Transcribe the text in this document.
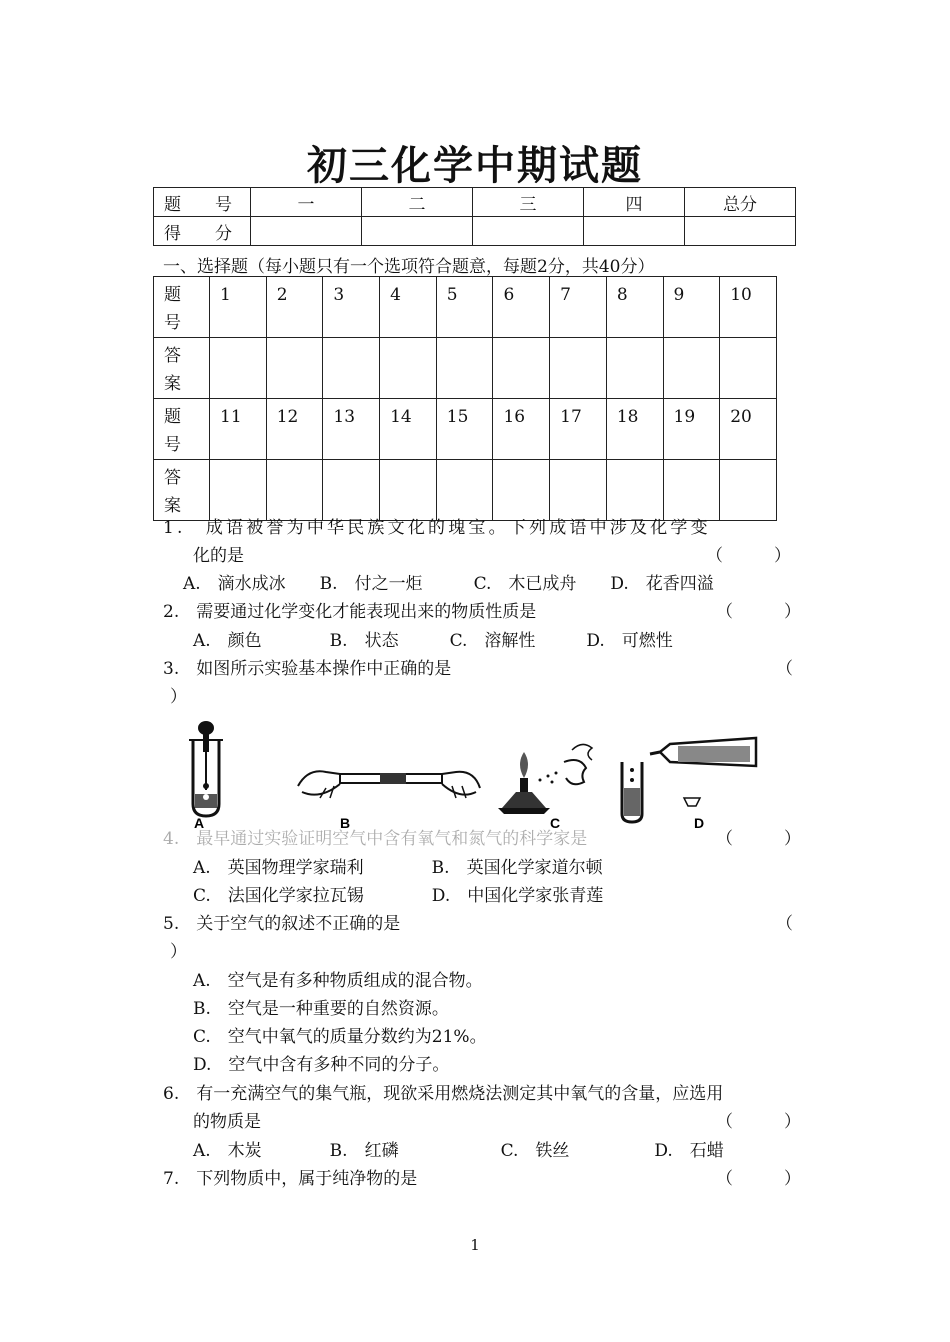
初三化学中期试题
题　　号	一	二	三	四	总分
得　　分					
一、选择题（每小题只有一个选项符合题意，每题2分，共40分）
题
号	1	2	3	4	5	6	7	8	9	10
答
案										
题
号	11	12	13	14	15	16	17	18	19	20
答
案										
1.　成语被誉为中华民族文化的瑰宝。下列成语中涉及化学变
化的是	（　　　）
A.　滴水成冰　　B.　付之一炬　　　C.　木已成舟　　D.　花香四溢
2.　需要通过化学变化才能表现出来的物质性质是	（　　　）
A.　颜色　　　　B.　状态　　　C.　溶解性　　　D.　可燃性
3.　如图所示实验基本操作中正确的是	（
）
A	B	C	D
4.　最早通过实验证明空气中含有氧气和氮气的科学家是	（　　　）
A.　英国物理学家瑞利　　　　B.　英国化学家道尔顿
C.　法国化学家拉瓦锡　　　　D.　中国化学家张青莲
5.　关于空气的叙述不正确的是	（
）
A.　空气是有多种物质组成的混合物。
B.　空气是一种重要的自然资源。
C.　空气中氧气的质量分数约为21%。
D.　空气中含有多种不同的分子。
6.　有一充满空气的集气瓶，现欲采用燃烧法测定其中氧气的含量，应选用
的物质是	（　　　）
A.　木炭　　　　B.　红磷　　　　　　C.　铁丝　　　　　D.　石蜡
7.　下列物质中，属于纯净物的是	（　　　）
1
